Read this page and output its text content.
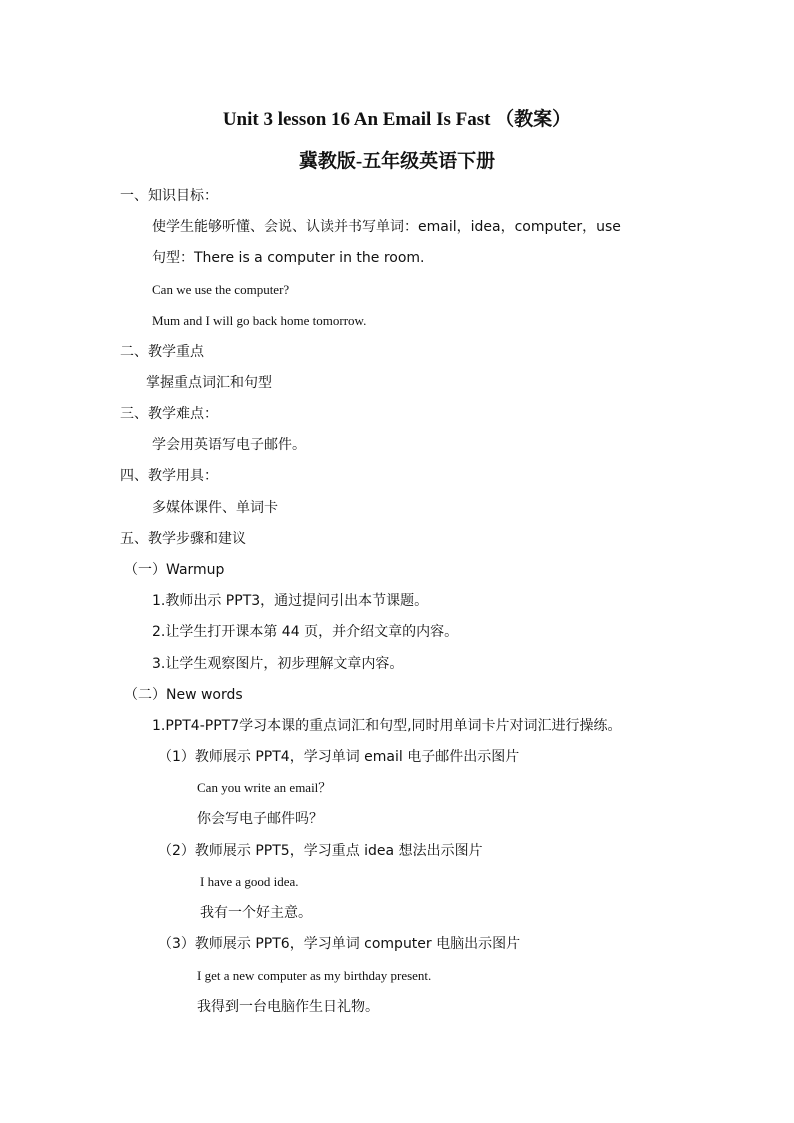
Unit 3 lesson 16 An Email Is Fast （教案）
冀教版-五年级英语下册
一、知识目标：
使学生能够听懂、会说、认读并书写单词：email，idea，computer，use
句型：There is a computer in the room.
Can we use the computer?
Mum and I will go back home tomorrow.
二、教学重点
掌握重点词汇和句型
三、教学难点：
学会用英语写电子邮件。
四、教学用具：
多媒体课件、单词卡
五、教学步骤和建议
（一）Warmup
1.教师出示 PPT3，通过提问引出本节课题。
2.让学生打开课本第 44 页，并介绍文章的内容。
3.让学生观察图片，初步理解文章内容。
（二）New words
1.PPT4-PPT7学习本课的重点词汇和句型,同时用单词卡片对词汇进行操练。
（1）教师展示 PPT4，学习单词 email 电子邮件出示图片
Can you write an email？
你会写电子邮件吗？
（2）教师展示 PPT5，学习重点 idea 想法出示图片
I have a good idea.
我有一个好主意。
（3）教师展示 PPT6，学习单词 computer 电脑出示图片
I get a new computer as my birthday present.
我得到一台电脑作生日礼物。
